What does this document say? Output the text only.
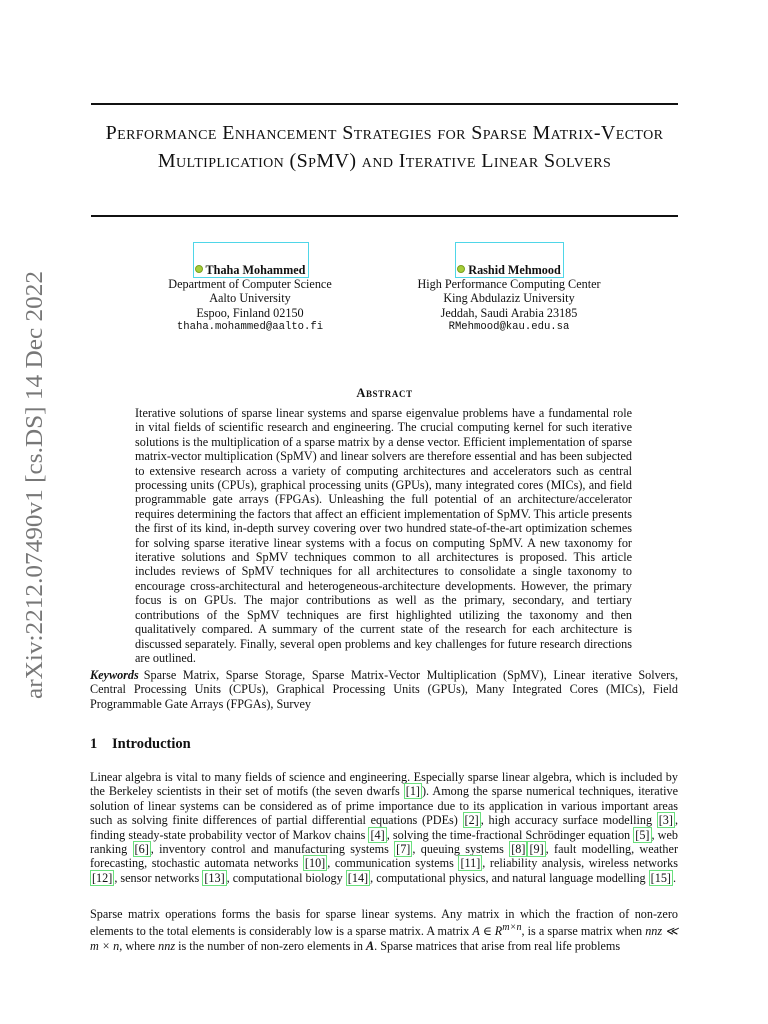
arXiv:2212.07490v1 [cs.DS] 14 Dec 2022
Performance Enhancement Strategies for Sparse Matrix-Vector Multiplication (SpMV) and Iterative Linear Solvers
Thaha Mohammed
Department of Computer Science
Aalto University
Espoo, Finland 02150
thaha.mohammed@aalto.fi
Rashid Mehmood
High Performance Computing Center
King Abdulaziz University
Jeddah, Saudi Arabia 23185
RMehmood@kau.edu.sa
Abstract

Iterative solutions of sparse linear systems and sparse eigenvalue problems have a fundamental role in vital fields of scientific research and engineering. The crucial computing kernel for such iterative solutions is the multiplication of a sparse matrix by a dense vector. Efficient implementation of sparse matrix-vector multiplication (SpMV) and linear solvers are therefore essential and has been subjected to extensive research across a variety of computing architectures and accelerators such as central processing units (CPUs), graphical processing units (GPUs), many integrated cores (MICs), and field programmable gate arrays (FPGAs). Unleashing the full potential of an architecture/accelerator requires determining the factors that affect an efficient implementation of SpMV. This article presents the first of its kind, in-depth survey covering over two hundred state-of-the-art optimization schemes for solving sparse iterative linear systems with a focus on computing SpMV. A new taxonomy for iterative solutions and SpMV techniques common to all architectures is proposed. This article includes reviews of SpMV techniques for all architectures to consolidate a single taxonomy to encourage cross-architectural and heterogeneous-architecture developments. However, the primary focus is on GPUs. The major contributions as well as the primary, secondary, and tertiary contributions of the SpMV techniques are first highlighted utilizing the taxonomy and then qualitatively compared. A summary of the current state of the research for each architecture is discussed separately. Finally, several open problems and key challenges for future research directions are outlined.

Keywords Sparse Matrix, Sparse Storage, Sparse Matrix-Vector Multiplication (SpMV), Linear iterative Solvers, Central Processing Units (CPUs), Graphical Processing Units (GPUs), Many Integrated Cores (MICs), Field Programmable Gate Arrays (FPGAs), Survey

1 Introduction

Linear algebra is vital to many fields of science and engineering. Especially sparse linear algebra, which is included by the Berkeley scientists in their set of motifs (the seven dwarfs [1] ). Among the sparse numerical techniques, iterative solution of linear systems can be considered as of prime importance due to its application in various important areas such as solving finite differences of partial differential equations (PDEs) [2] , high accuracy surface modelling [3] , finding steady-state probability vector of Markov chains [4] , solving the time-fractional Schrödinger equation [5] , web ranking [6] , inventory control and manufacturing systems [7] , queuing systems [8] [9] , fault modelling, weather forecasting, stochastic automata networks [10] , communication systems [11] , reliability analysis, wireless networks [12] , sensor networks [13] , computational biology [14] , computational physics, and natural language modelling [15] .

Sparse matrix operations forms the basis for sparse linear systems. Any matrix in which the fraction of non-zero elements to the total elements is considerably low is a sparse matrix. A matrix A ∈ $R^{m\times n}$, is a sparse matrix when nnz ≪ m × n, where nnz is the number of non-zero elements in A. Sparse matrices that arise from real life problems
